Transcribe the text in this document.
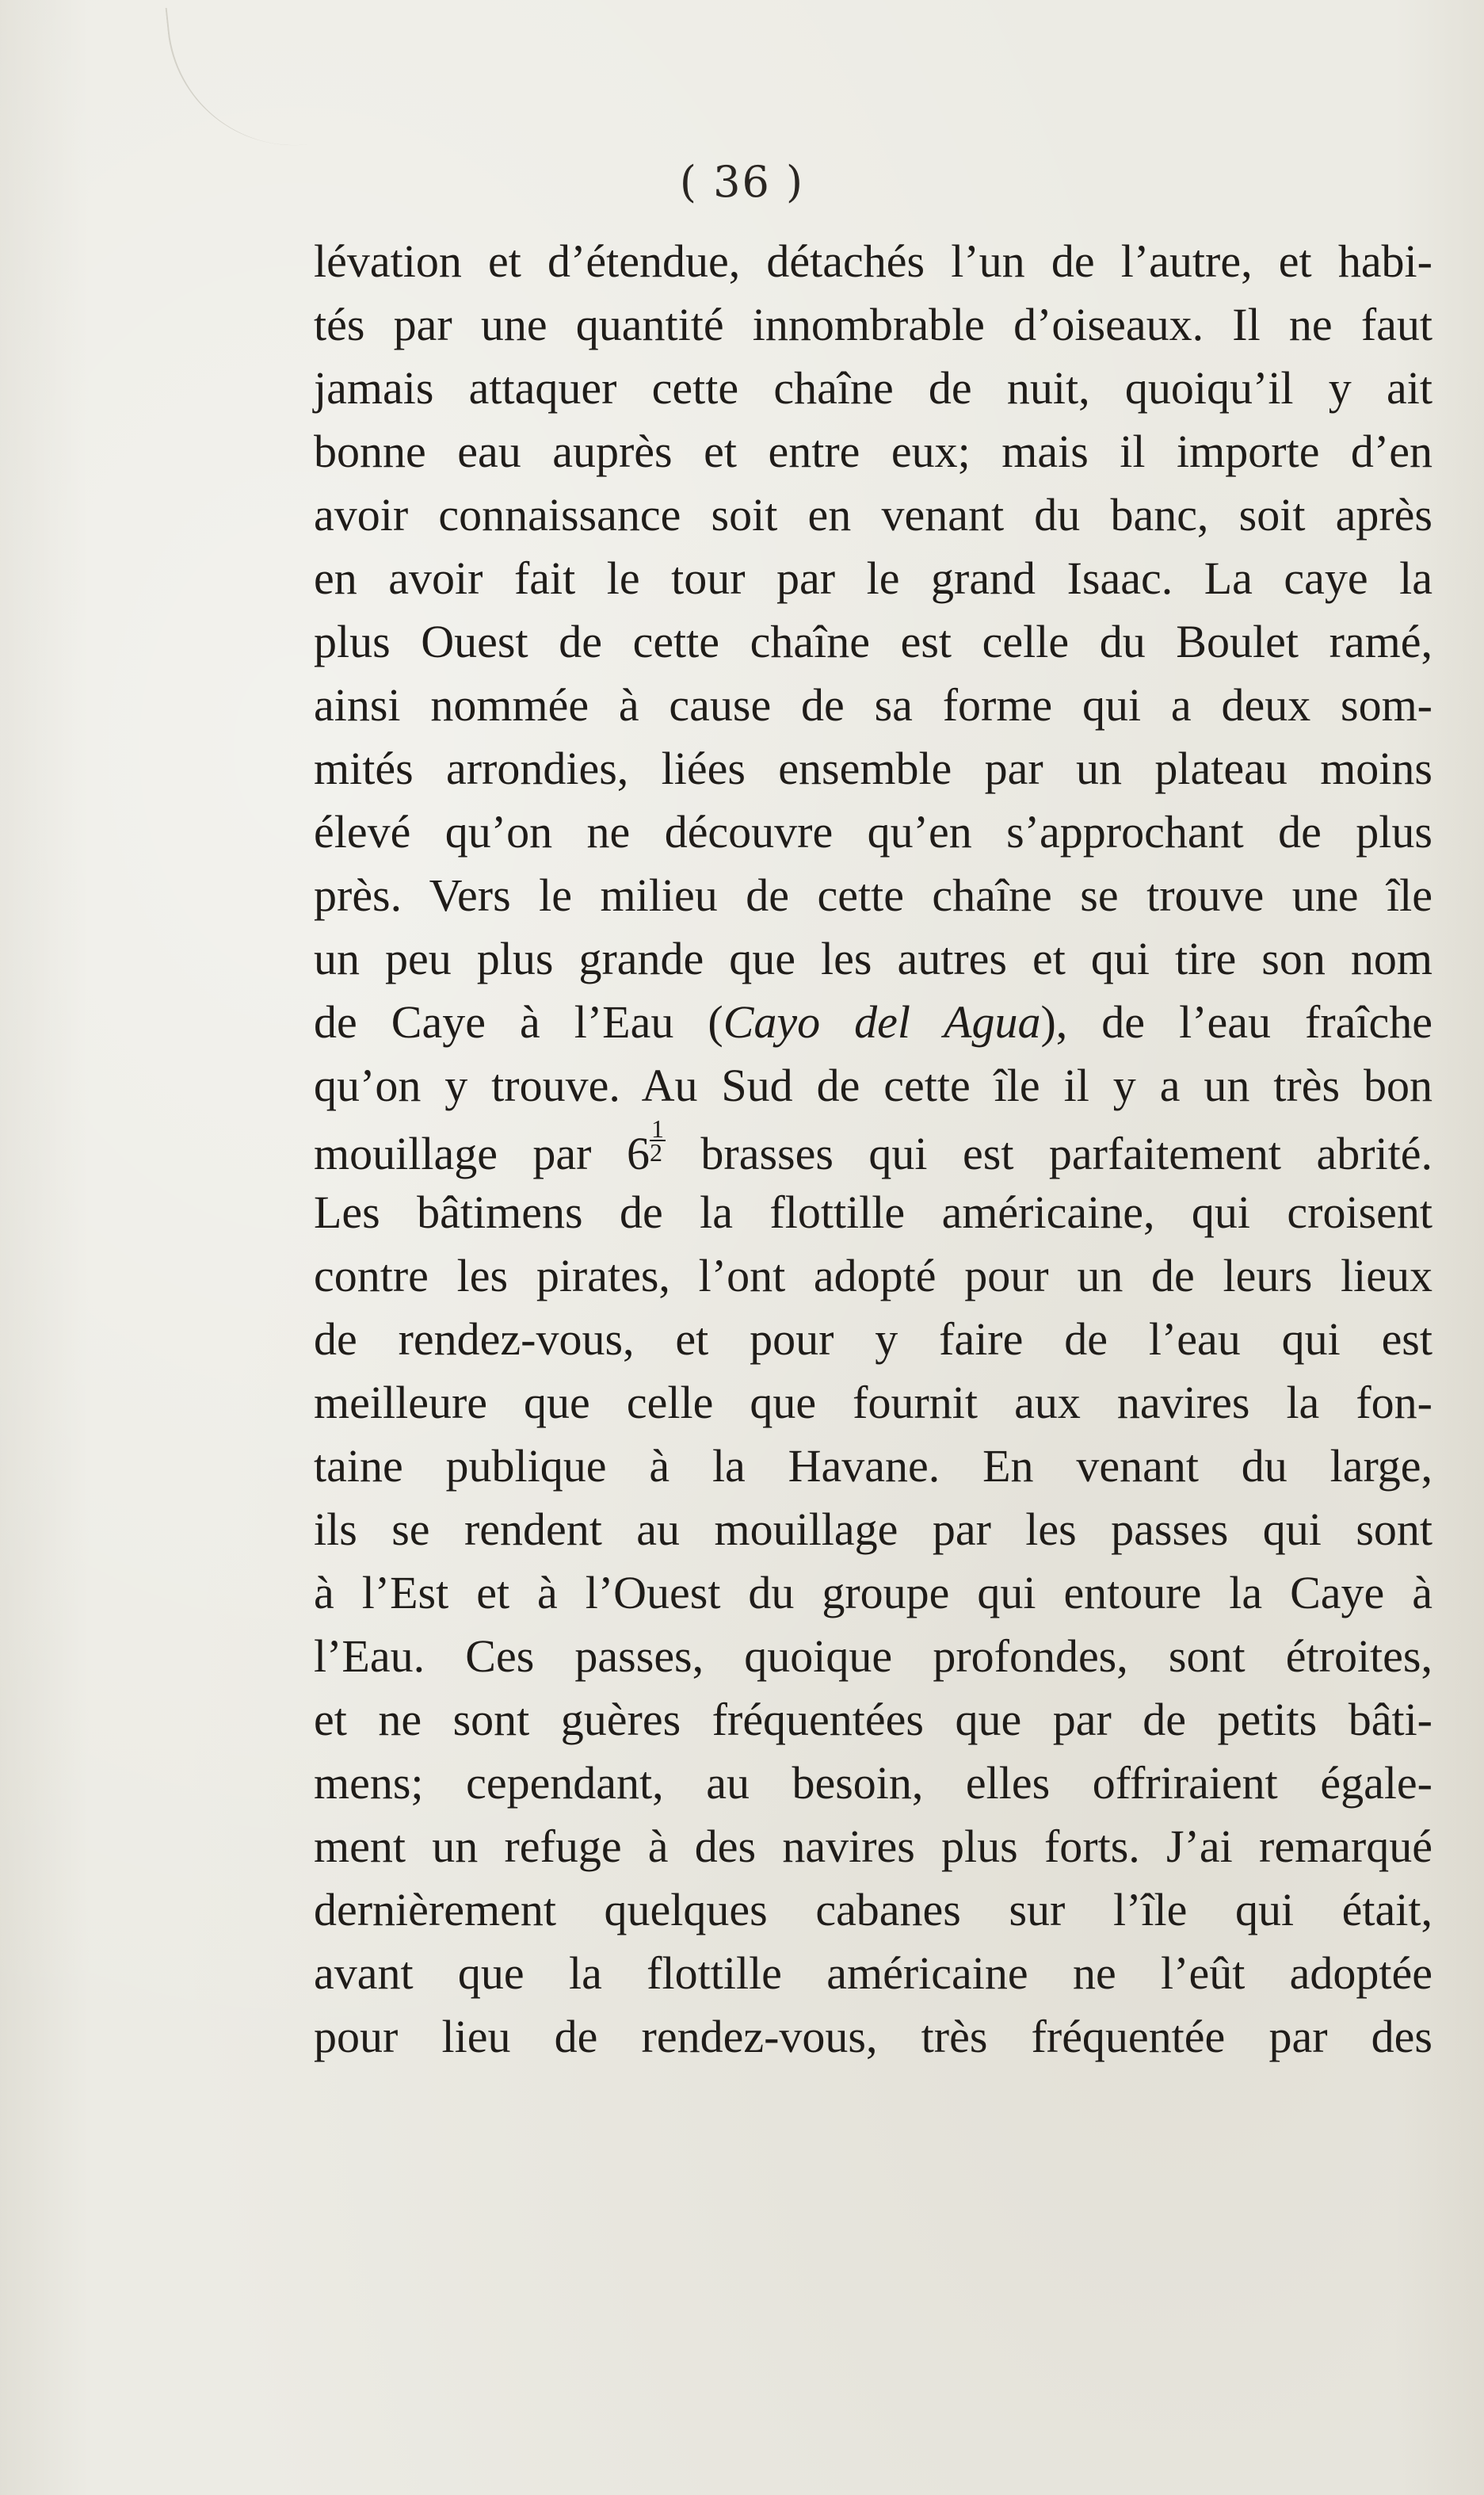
( 36 )
lévation et d’étendue, détachés l’un de l’autre, et habi-
tés par une quantité innombrable d’oiseaux. Il ne faut
jamais attaquer cette chaîne de nuit, quoiqu’il y ait
bonne eau auprès et entre eux; mais il importe d’en
avoir connaissance soit en venant du banc, soit après
en avoir fait le tour par le grand Isaac. La caye la
plus Ouest de cette chaîne est celle du Boulet ramé,
ainsi nommée à cause de sa forme qui a deux som-
mités arrondies, liées ensemble par un plateau moins
élevé qu’on ne découvre qu’en s’approchant de plus
près. Vers le milieu de cette chaîne se trouve une île
un peu plus grande que les autres et qui tire son nom
de Caye à l’Eau (Cayo del Agua), de l’eau fraîche
qu’on y trouve. Au Sud de cette île il y a un très bon
mouillage par $6 \frac{1}{2}$ brasses qui est parfaitement abrité.
Les bâtimens de la flottille américaine, qui croisent
contre les pirates, l’ont adopté pour un de leurs lieux
de rendez-vous, et pour y faire de l’eau qui est
meilleure que celle que fournit aux navires la fon-
taine publique à la Havane. En venant du large,
ils se rendent au mouillage par les passes qui sont
à l’Est et à l’Ouest du groupe qui entoure la Caye à
l’Eau. Ces passes, quoique profondes, sont étroites,
et ne sont guères fréquentées que par de petits bâti-
mens; cependant, au besoin, elles offriraient égale-
ment un refuge à des navires plus forts. J’ai remarqué
dernièrement quelques cabanes sur l’île qui était,
avant que la flottille américaine ne l’eût adoptée
pour lieu de rendez-vous, très fréquentée par des
